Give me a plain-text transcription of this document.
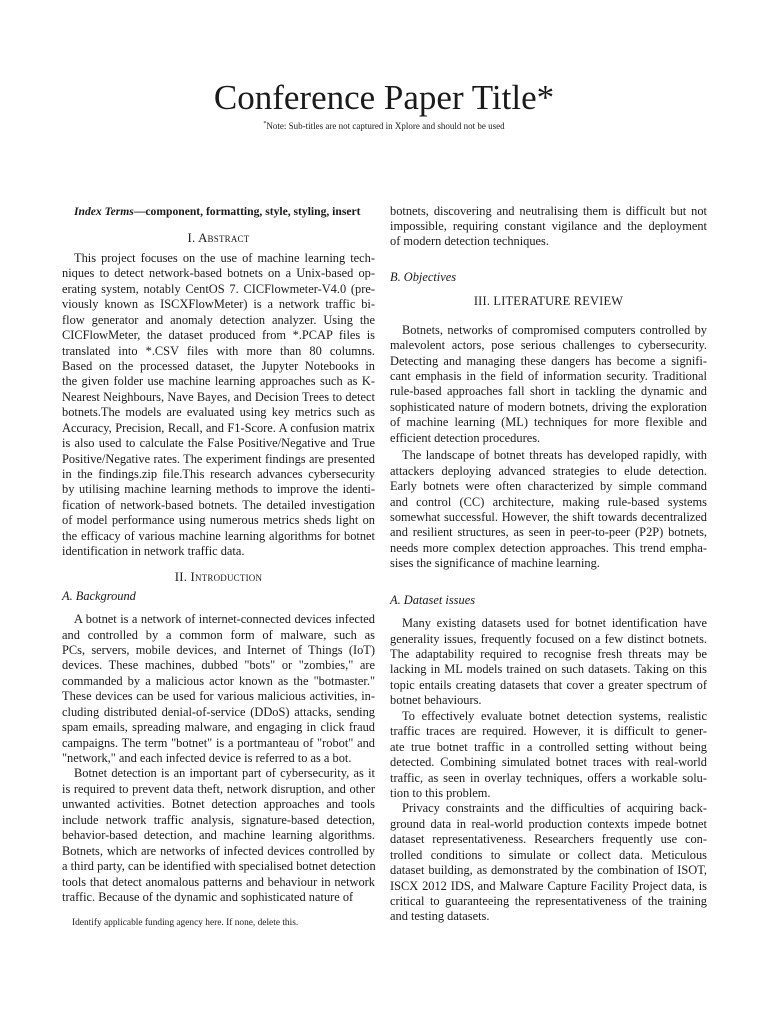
Conference Paper Title*
*Note: Sub-titles are not captured in Xplore and should not be used
Index Terms—component, formatting, style, styling, insert
I. Abstract
This project focuses on the use of machine learning tech-
niques to detect network-based botnets on a Unix-based op-
erating system, notably CentOS 7. CICFlowmeter-V4.0 (pre-
viously known as ISCXFlowMeter) is a network traffic bi-
flow generator and anomaly detection analyzer. Using the
CICFlowMeter, the dataset produced from *.PCAP files is
translated into *.CSV files with more than 80 columns.
Based on the processed dataset, the Jupyter Notebooks in
the given folder use machine learning approaches such as K-
Nearest Neighbours, Nave Bayes, and Decision Trees to detect
botnets.The models are evaluated using key metrics such as
Accuracy, Precision, Recall, and F1-Score. A confusion matrix
is also used to calculate the False Positive/Negative and True
Positive/Negative rates. The experiment findings are presented
in the findings.zip file.This research advances cybersecurity
by utilising machine learning methods to improve the identi-
fication of network-based botnets. The detailed investigation
of model performance using numerous metrics sheds light on
the efficacy of various machine learning algorithms for botnet
identification in network traffic data.
II. Introduction
A. Background
A botnet is a network of internet-connected devices infected
and controlled by a common form of malware, such as
PCs, servers, mobile devices, and Internet of Things (IoT)
devices. These machines, dubbed "bots" or "zombies," are
commanded by a malicious actor known as the "botmaster."
These devices can be used for various malicious activities, in-
cluding distributed denial-of-service (DDoS) attacks, sending
spam emails, spreading malware, and engaging in click fraud
campaigns. The term "botnet" is a portmanteau of "robot" and
"network," and each infected device is referred to as a bot.
Botnet detection is an important part of cybersecurity, as it
is required to prevent data theft, network disruption, and other
unwanted activities. Botnet detection approaches and tools
include network traffic analysis, signature-based detection,
behavior-based detection, and machine learning algorithms.
Botnets, which are networks of infected devices controlled by
a third party, can be identified with specialised botnet detection
tools that detect anomalous patterns and behaviour in network
traffic. Because of the dynamic and sophisticated nature of
Identify applicable funding agency here. If none, delete this.
botnets, discovering and neutralising them is difficult but not
impossible, requiring constant vigilance and the deployment
of modern detection techniques.
B. Objectives
III. LITERATURE REVIEW
Botnets, networks of compromised computers controlled by
malevolent actors, pose serious challenges to cybersecurity.
Detecting and managing these dangers has become a signifi-
cant emphasis in the field of information security. Traditional
rule-based approaches fall short in tackling the dynamic and
sophisticated nature of modern botnets, driving the exploration
of machine learning (ML) techniques for more flexible and
efficient detection procedures.
The landscape of botnet threats has developed rapidly, with
attackers deploying advanced strategies to elude detection.
Early botnets were often characterized by simple command
and control (CC) architecture, making rule-based systems
somewhat successful. However, the shift towards decentralized
and resilient structures, as seen in peer-to-peer (P2P) botnets,
needs more complex detection approaches. This trend empha-
sises the significance of machine learning.
A. Dataset issues
Many existing datasets used for botnet identification have
generality issues, frequently focused on a few distinct botnets.
The adaptability required to recognise fresh threats may be
lacking in ML models trained on such datasets. Taking on this
topic entails creating datasets that cover a greater spectrum of
botnet behaviours.
To effectively evaluate botnet detection systems, realistic
traffic traces are required. However, it is difficult to gener-
ate true botnet traffic in a controlled setting without being
detected. Combining simulated botnet traces with real-world
traffic, as seen in overlay techniques, offers a workable solu-
tion to this problem.
Privacy constraints and the difficulties of acquiring back-
ground data in real-world production contexts impede botnet
dataset representativeness. Researchers frequently use con-
trolled conditions to simulate or collect data. Meticulous
dataset building, as demonstrated by the combination of ISOT,
ISCX 2012 IDS, and Malware Capture Facility Project data, is
critical to guaranteeing the representativeness of the training
and testing datasets.
